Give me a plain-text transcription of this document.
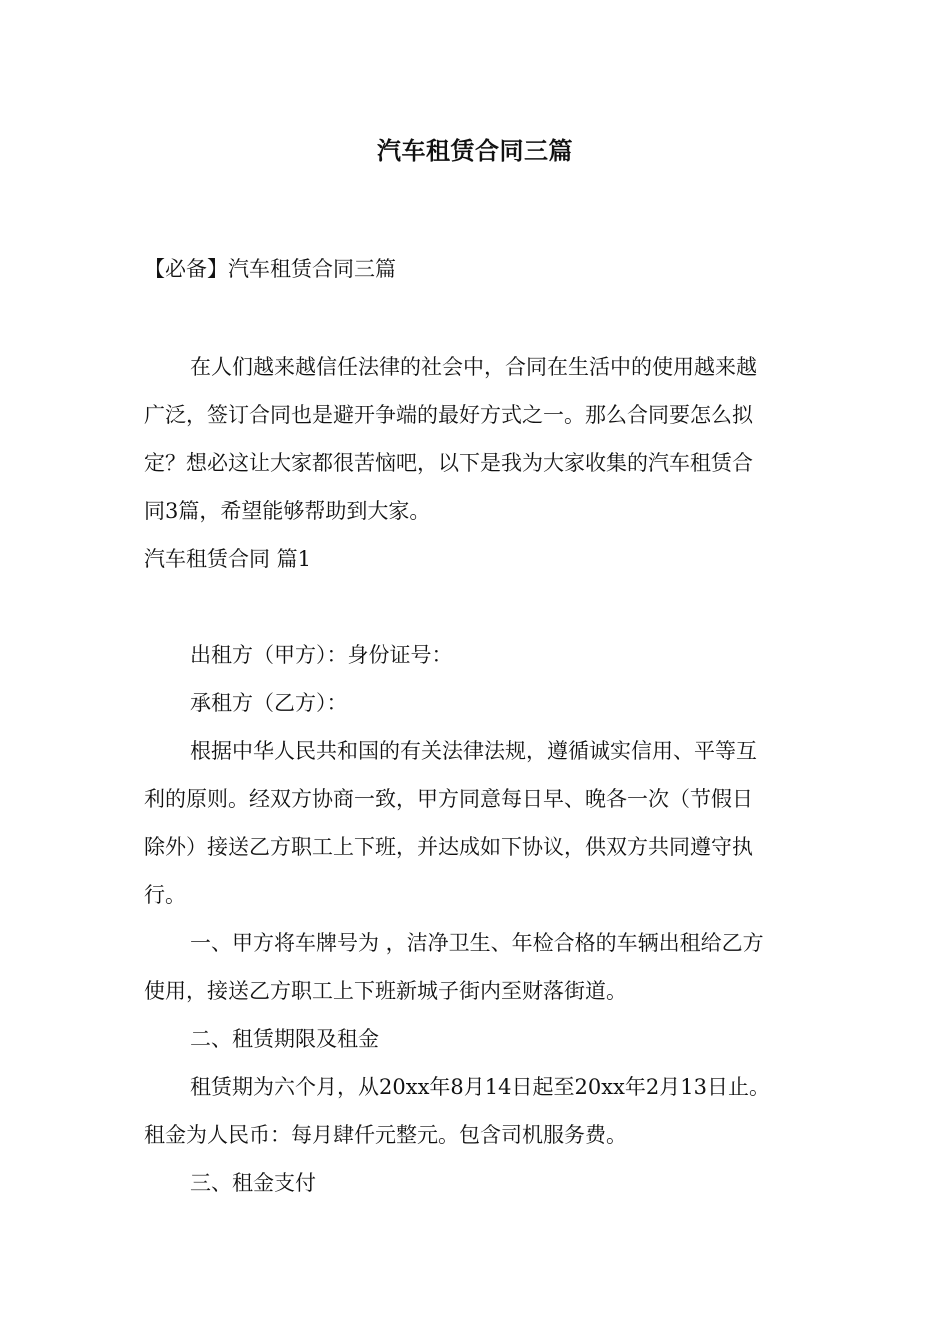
汽车租赁合同三篇
【必备】汽车租赁合同三篇
在人们越来越信任法律的社会中，合同在生活中的使用越来越
广泛，签订合同也是避开争端的最好方式之一。那么合同要怎么拟
定？想必这让大家都很苦恼吧，以下是我为大家收集的汽车租赁合
同3篇，希望能够帮助到大家。
汽车租赁合同 篇1
出租方（甲方）：身份证号：
承租方（乙方）：
根据中华人民共和国的有关法律法规，遵循诚实信用、平等互
利的原则。经双方协商一致，甲方同意每日早、晚各一次（节假日
除外）接送乙方职工上下班，并达成如下协议，供双方共同遵守执
行。
一、甲方将车牌号为 ，洁净卫生、年检合格的车辆出租给乙方
使用，接送乙方职工上下班新城子街内至财落街道。
二、租赁期限及租金
租赁期为六个月，从20xx年8月14日起至20xx年2月13日止。
租金为人民币：每月肆仟元整元。包含司机服务费。
三、租金支付
